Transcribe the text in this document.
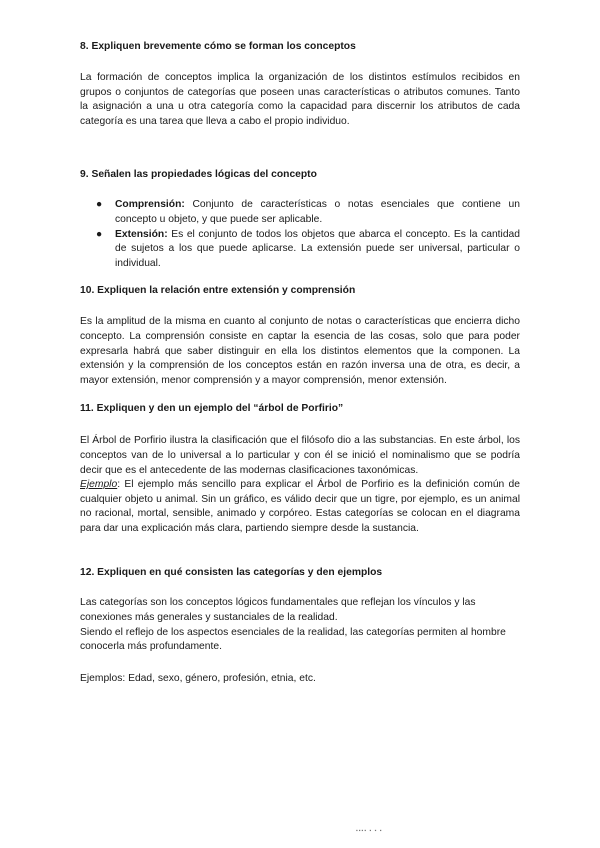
8. Expliquen brevemente cómo se forman los conceptos

La formación de conceptos implica la organización de los distintos estímulos recibidos en grupos o conjuntos de categorías que poseen unas características o atributos comunes. Tanto la asignación a una u otra categoría como la capacidad para discernir los atributos de cada categoría es una tarea que lleva a cabo el propio individuo.

9. Señalen las propiedades lógicas del concepto
● Comprensión: Conjunto de características o notas esenciales que contiene un concepto u objeto, y que puede ser aplicable.
● Extensión: Es el conjunto de todos los objetos que abarca el concepto. Es la cantidad de sujetos a los que puede aplicarse. La extensión puede ser universal, particular o individual.
10. Expliquen la relación entre extensión y comprensión

Es la amplitud de la misma en cuanto al conjunto de notas o características que encierra dicho concepto. La comprensión consiste en captar la esencia de las cosas, solo que para poder expresarla habrá que saber distinguir en ella los distintos elementos que la componen. La extensión y la comprensión de los conceptos están en razón inversa una de otra, es decir, a mayor extensión, menor comprensión y a mayor comprensión, menor extensión.

11. Expliquen y den un ejemplo del “árbol de Porfirio”

El Árbol de Porfirio ilustra la clasificación que el filósofo dio a las substancias. En este árbol, los conceptos van de lo universal a lo particular y con él se inició el nominalismo que se podría decir que es el antecedente de las modernas clasificaciones taxonómicas.

Ejemplo: El ejemplo más sencillo para explicar el Árbol de Porfirio es la definición común de cualquier objeto u animal. Sin un gráfico, es válido decir que un tigre, por ejemplo, es un animal no racional, mortal, sensible, animado y corpóreo. Estas categorías se colocan en el diagrama para dar una explicación más clara, partiendo siempre desde la sustancia.

12. Expliquen en qué consisten las categorías y den ejemplos

Las categorías son los conceptos lógicos fundamentales que reflejan los vínculos y las conexiones más generales y sustanciales de la realidad.

Siendo el reflejo de los aspectos esenciales de la realidad, las categorías permiten al hombre conocerla más profundamente.

Ejemplos: Edad, sexo, género, profesión, etnia, etc.

▪▪▪▪ ▪ ▪ ▪
